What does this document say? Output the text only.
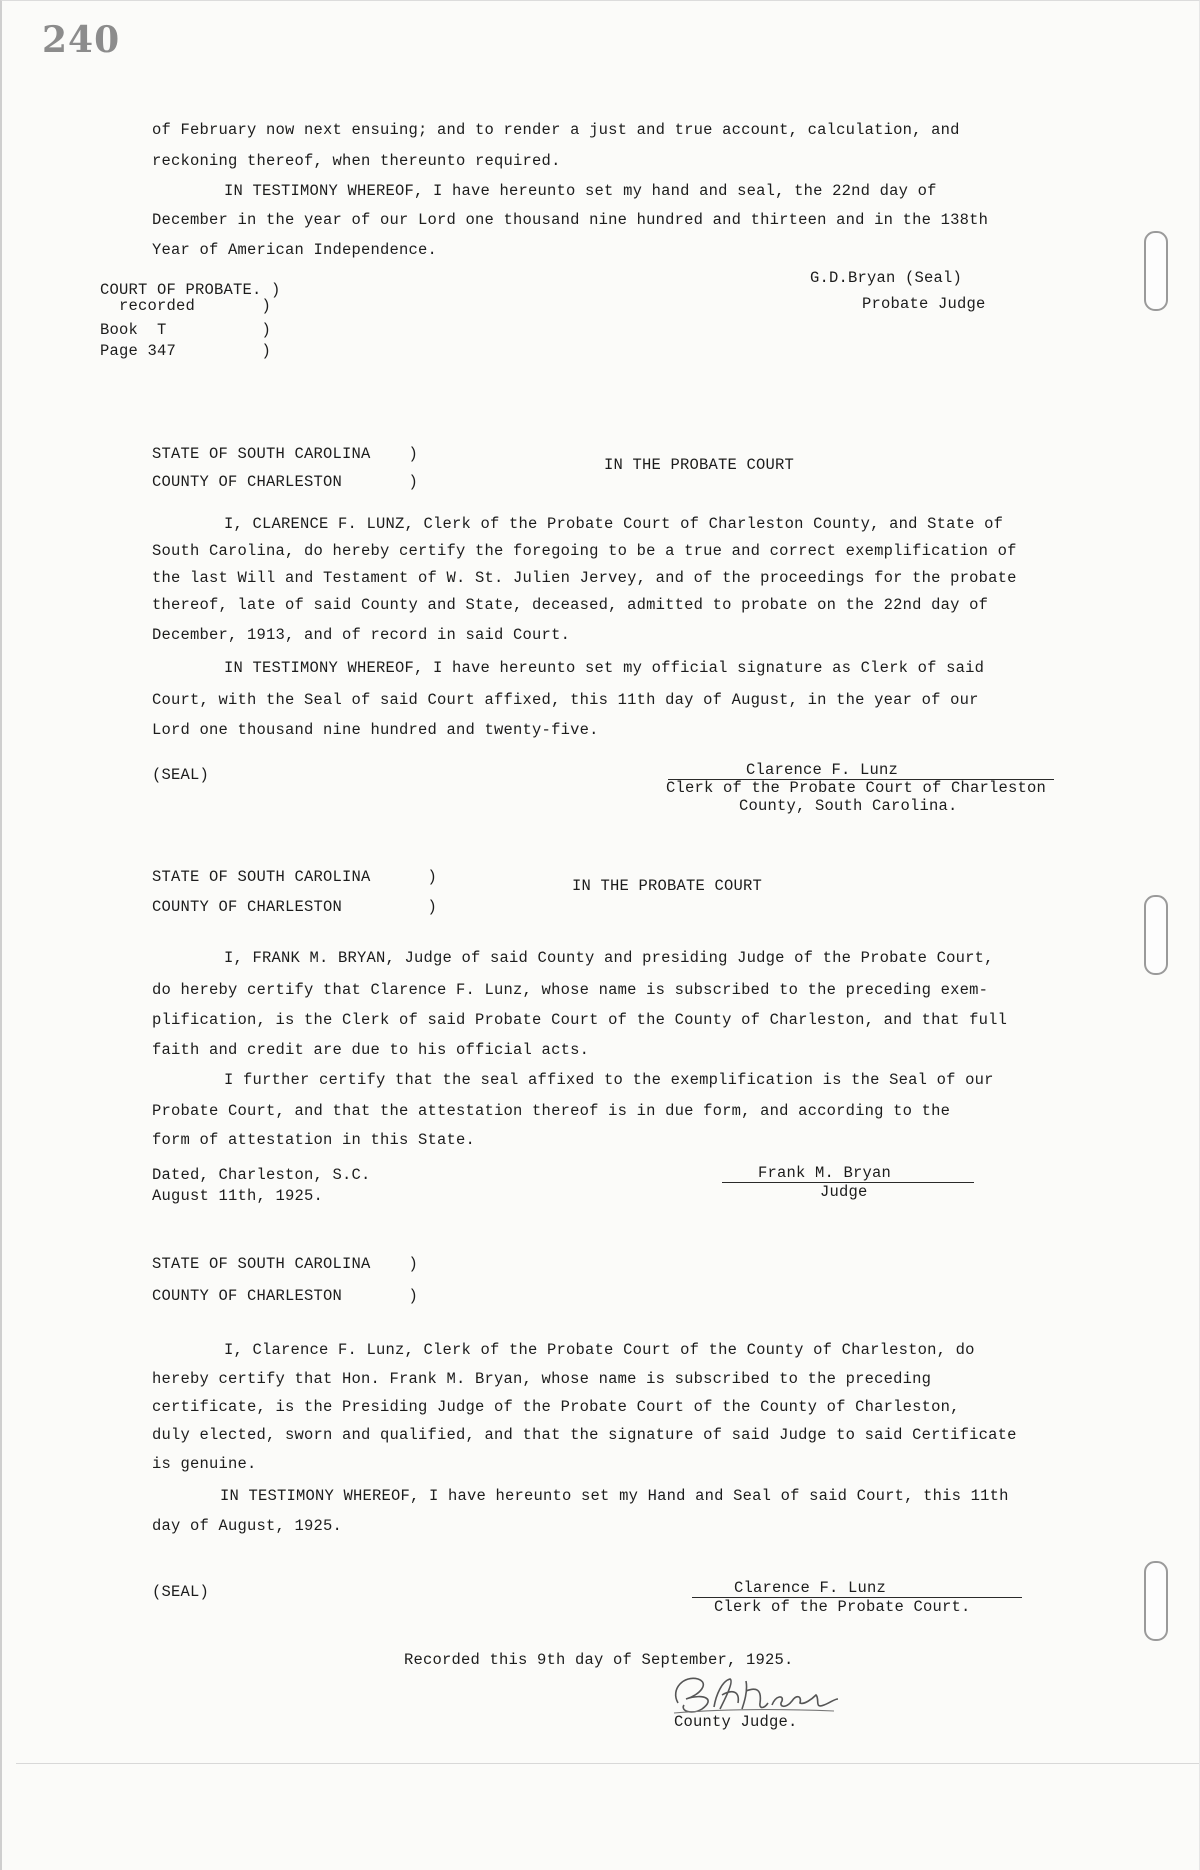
240
of February now next ensuing; and to render a just and true account, calculation, and
reckoning thereof, when thereunto required.
IN TESTIMONY WHEREOF, I have hereunto set my hand and seal, the 22nd day of
December in the year of our Lord one thousand nine hundred and thirteen and in the 138th
Year of American Independence.
G.D.Bryan (Seal)
Probate Judge
COURT OF PROBATE. )
recorded       )
Book  T          )
Page 347         )
STATE OF SOUTH CAROLINA    )
COUNTY OF CHARLESTON       )
IN THE PROBATE COURT
I, CLARENCE F. LUNZ, Clerk of the Probate Court of Charleston County, and State of
South Carolina, do hereby certify the foregoing to be a true and correct exemplification of
the last Will and Testament of W. St. Julien Jervey, and of the proceedings for the probate
thereof, late of said County and State, deceased, admitted to probate on the 22nd day of
December, 1913, and of record in said Court.
IN TESTIMONY WHEREOF, I have hereunto set my official signature as Clerk of said
Court, with the Seal of said Court affixed, this 11th day of August, in the year of our
Lord one thousand nine hundred and twenty-five.
(SEAL)	Clarence F. Lunz
Clerk of the Probate Court of Charleston
County, South Carolina.
STATE OF SOUTH CAROLINA      )
COUNTY OF CHARLESTON         )
IN THE PROBATE COURT
I, FRANK M. BRYAN, Judge of said County and presiding Judge of the Probate Court,
do hereby certify that Clarence F. Lunz, whose name is subscribed to the preceding exem-
plification, is the Clerk of said Probate Court of the County of Charleston, and that full
faith and credit are due to his official acts.
I further certify that the seal affixed to the exemplification is the Seal of our
Probate Court, and that the attestation thereof is in due form, and according to the
form of attestation in this State.
Dated, Charleston, S.C.
August 11th, 1925.
Frank M. Bryan
Judge
STATE OF SOUTH CAROLINA    )
COUNTY OF CHARLESTON       )
I, Clarence F. Lunz, Clerk of the Probate Court of the County of Charleston, do
hereby certify that Hon. Frank M. Bryan, whose name is subscribed to the preceding
certificate, is the Presiding Judge of the Probate Court of the County of Charleston,
duly elected, sworn and qualified, and that the signature of said Judge to said Certificate
is genuine.
IN TESTIMONY WHEREOF, I have hereunto set my Hand and Seal of said Court, this 11th
day of August, 1925.
(SEAL)	Clarence F. Lunz
Clerk of the Probate Court.
Recorded this 9th day of September, 1925.
County Judge.
